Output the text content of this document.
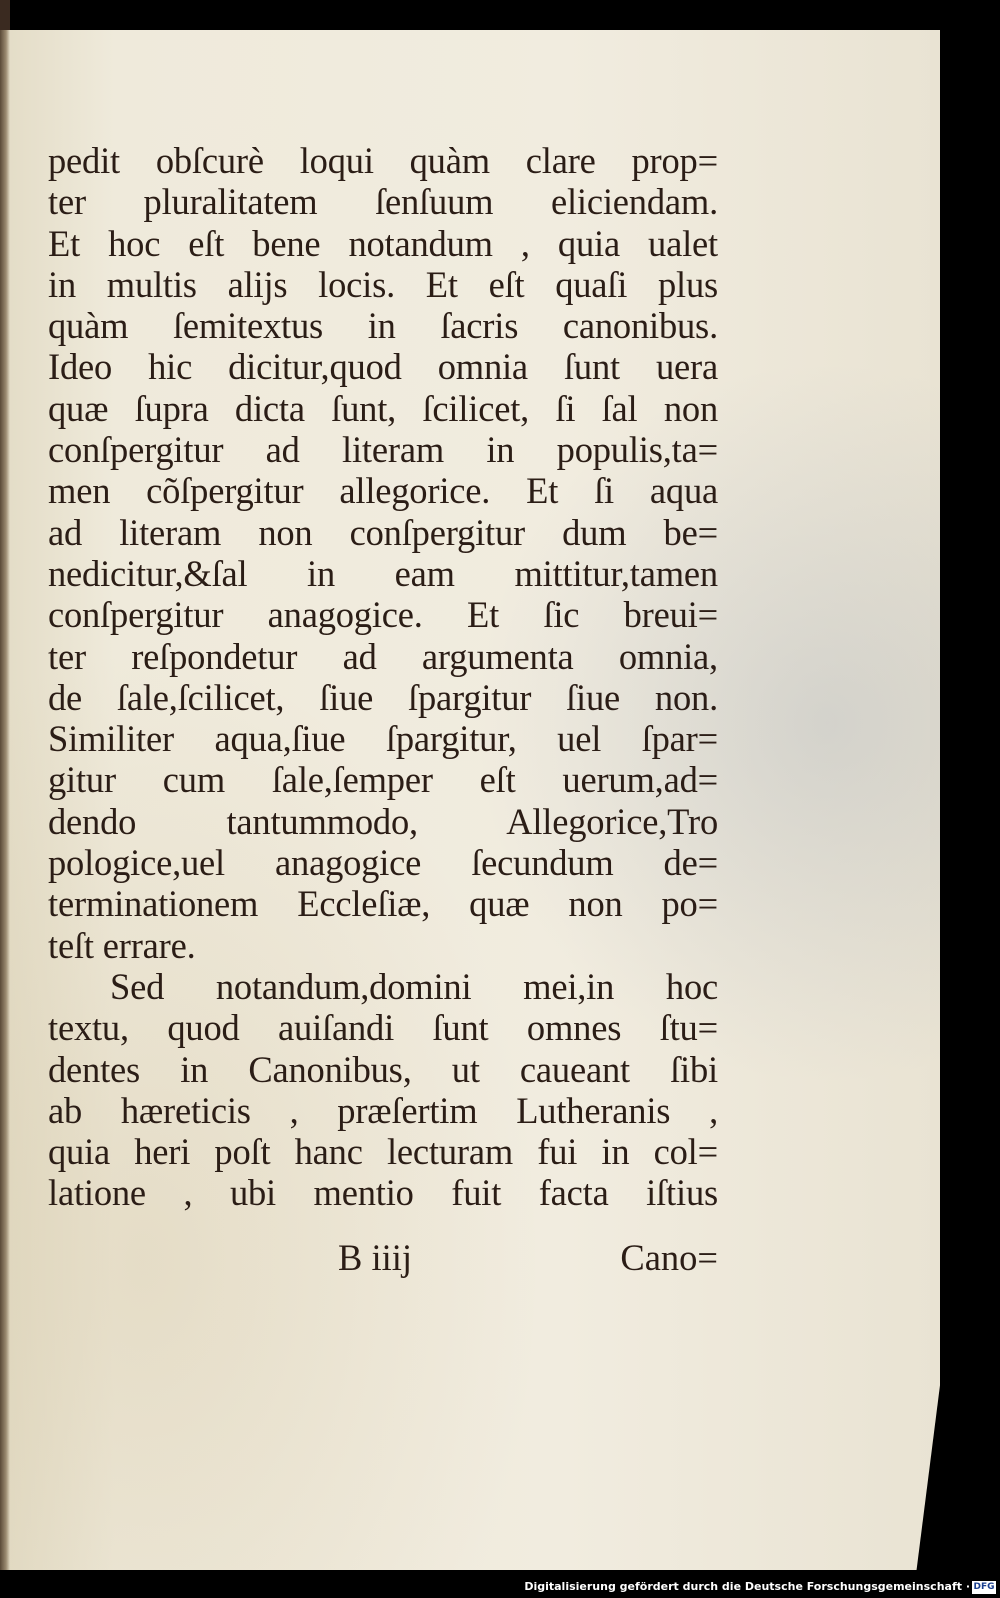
pedit obſcurè loqui quàm clare prop=
ter pluralitatem ſenſuum eliciendam.
Et hoc eſt bene notandum , quia ualet
in multis aliјs locis. Et eſt quaſi plus
quàm ſemitextus in ſacris canonibus.
Ideo hic dicitur,quod omnia ſunt uera
quæ ſupra dicta ſunt, ſcilicet, ſi ſal non
conſpergitur ad literam in populis,ta=
men cõſpergitur allegorice. Et ſi aqua
ad literam non conſpergitur dum be=
nedicitur,&ſal in eam mittitur,tamen
conſpergitur anagogice. Et ſic breui=
ter reſpondetur ad argumenta omnia,
de ſale,ſcilicet, ſiue ſpargitur ſiue non.
Similiter aqua,ſiue ſpargitur, uel ſpar=
gitur cum ſale,ſemper eſt uerum,ad=
dendo tantummodo, Allegorice,Tro
pologice,uel anagogice ſecundum de=
terminationem Eccleſiæ, quæ non po=
teſt errare.
Sed notandum,domini mei,in hoc
textu, quod auiſandi ſunt omnes ſtu=
dentes in Canonibus, ut caueant ſibi
ab hæreticis , præſertim Lutheranis ,
quia heri poſt hanc lecturam fui in col=
latione , ubi mentio fuit facta iſtius
B iiij	Cano=
Digitalisierung gefördert durch die Deutsche Forschungsgemeinschaft · DFG
